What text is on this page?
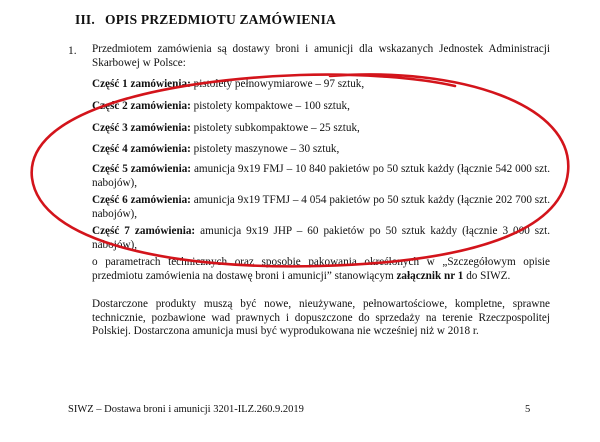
III. OPIS PRZEDMIOTU ZAMÓWIENIA
1. Przedmiotem zamówienia są dostawy broni i amunicji dla wskazanych Jednostek Administracji Skarbowej w Polsce:
Część 1 zamówienia: pistolety pełnowymiarowe – 97 sztuk,
Część 2 zamówienia: pistolety kompaktowe – 100 sztuk,
Część 3 zamówienia: pistolety subkompaktowe – 25 sztuk,
Część 4 zamówienia: pistolety maszynowe – 30 sztuk,
Część 5 zamówienia: amunicja 9x19 FMJ – 10 840 pakietów po 50 sztuk każdy (łącznie 542 000 szt. nabojów),
Część 6 zamówienia: amunicja 9x19 TFMJ – 4 054 pakietów po 50 sztuk każdy (łącznie 202 700 szt. nabojów),
Część 7 zamówienia: amunicja 9x19 JHP – 60 pakietów po 50 sztuk każdy (łącznie 3 000 szt. nabojów),
o parametrach technicznych oraz sposobie pakowania określonych w „Szczegółowym opisie przedmiotu zamówienia na dostawę broni i amunicji” stanowiącym załącznik nr 1 do SIWZ.
Dostarczone produkty muszą być nowe, nieużywane, pełnowartościowe, kompletne, sprawne technicznie, pozbawione wad prawnych i dopuszczone do sprzedaży na terenie Rzeczpospolitej Polskiej. Dostarczona amunicja musi być wyprodukowana nie wcześniej niż w 2018 r.
SIWZ – Dostawa broni i amunicji 3201-ILZ.260.9.2019	5
